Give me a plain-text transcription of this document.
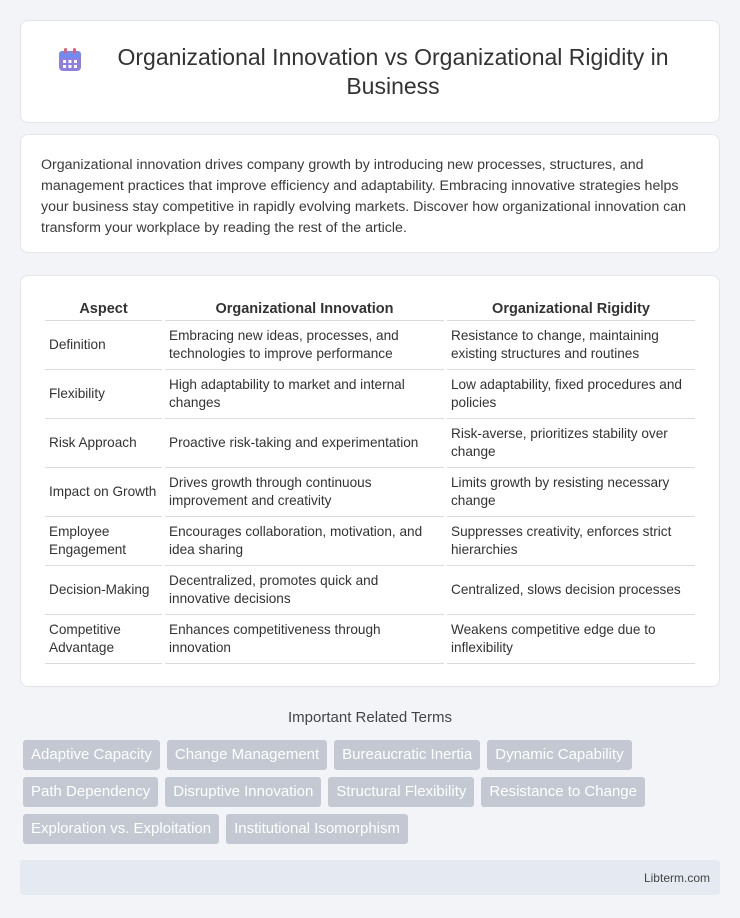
Organizational Innovation vs Organizational Rigidity in Business

Organizational innovation drives company growth by introducing new processes, structures, and management practices that improve efficiency and adaptability. Embracing innovative strategies helps your business stay competitive in rapidly evolving markets. Discover how organizational innovation can transform your workplace by reading the rest of the article.

Aspect	Organizational Innovation	Organizational Rigidity
Definition	Embracing new ideas, processes, and technologies to improve performance	Resistance to change, maintaining existing structures and routines
Flexibility	High adaptability to market and internal changes	Low adaptability, fixed procedures and policies
Risk Approach	Proactive risk-taking and experimentation	Risk-averse, prioritizes stability over change
Impact on Growth	Drives growth through continuous improvement and creativity	Limits growth by resisting necessary change
Employee Engagement	Encourages collaboration, motivation, and idea sharing	Suppresses creativity, enforces strict hierarchies
Decision-Making	Decentralized, promotes quick and innovative decisions	Centralized, slows decision processes
Competitive Advantage	Enhances competitiveness through innovation	Weakens competitive edge due to inflexibility
Important Related Terms
Adaptive Capacity	Change Management	Bureaucratic Inertia	Dynamic Capability
Path Dependency	Disruptive Innovation	Structural Flexibility	Resistance to Change
Exploration vs. Exploitation	Institutional Isomorphism
Libterm.com
